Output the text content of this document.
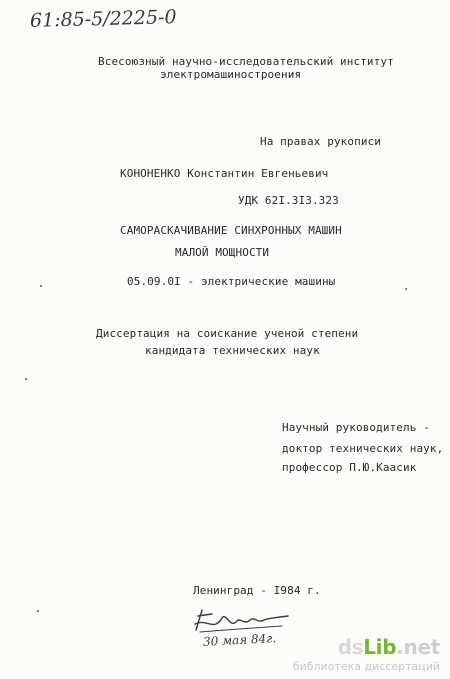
61:85-5/2225-0
Всесоюзный научно-исследовательский институт
электромашиностроения
На правах рукописи
КОНОНЕНКО Константин Евгеньевич
УДК 62I.3I3.323
САМОРАСКАЧИВАНИЕ СИНХРОННЫХ МАШИН
МАЛОЙ МОЩНОСТИ
05.09.0I - электрические машины
Диссертация на соискание ученой степени
кандидата технических наук
Научный руководитель -
доктор технических наук,
профессор П.Ю.Каасик
Ленинград - I984 г.
30 мая 84г.	dsLib.net
библиотека диссертаций
